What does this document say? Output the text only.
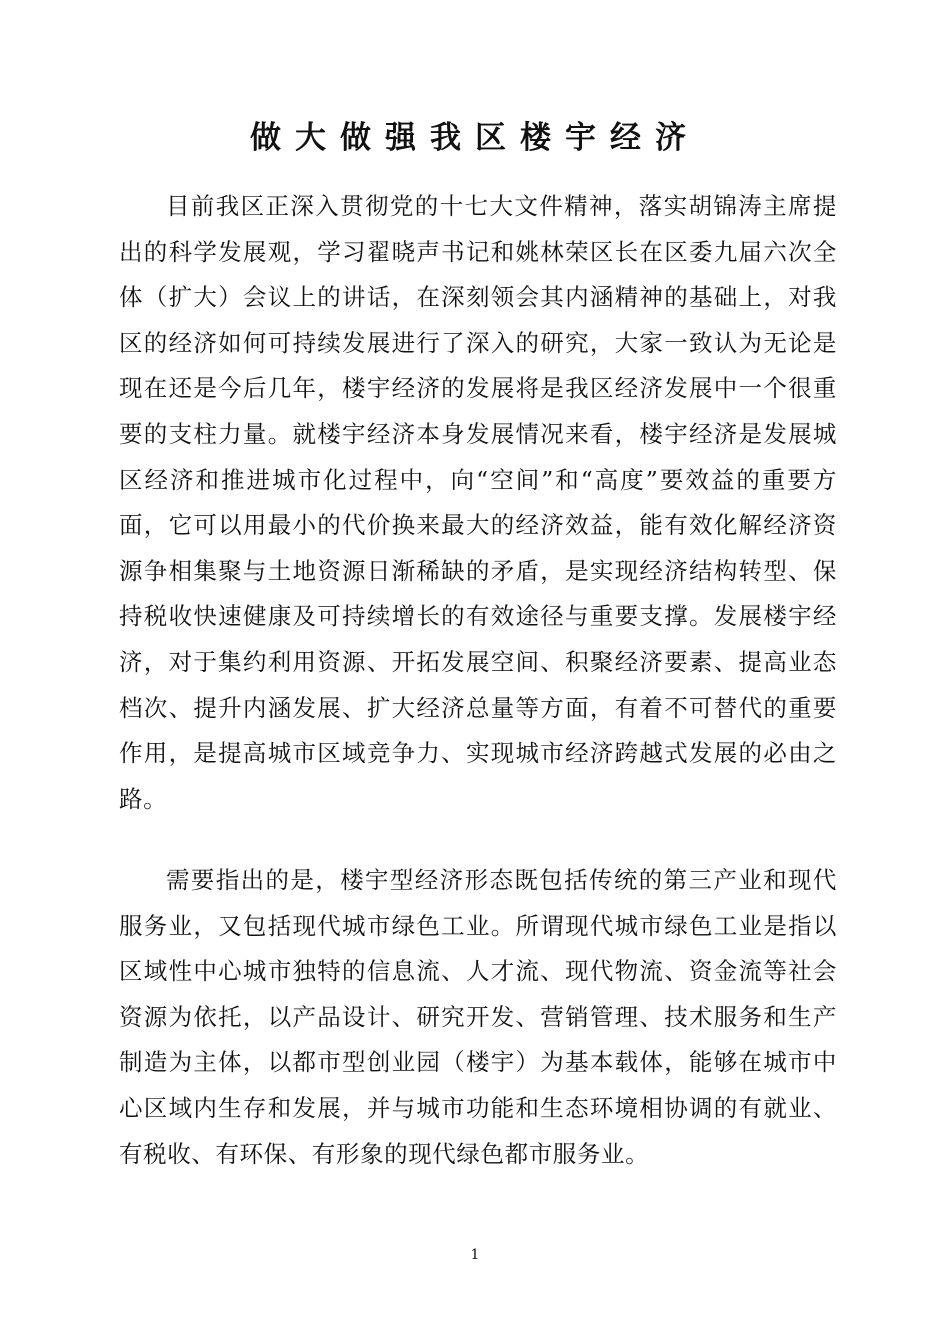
做大做强我区楼宇经济

目前我区正深入贯彻党的十七大文件精神，落实胡锦涛主席提出的科学发展观，学习翟晓声书记和姚林荣区长在区委九届六次全体（扩大）会议上的讲话，在深刻领会其内涵精神的基础上，对我区的经济如何可持续发展进行了深入的研究，大家一致认为无论是现在还是今后几年，楼宇经济的发展将是我区经济发展中一个很重要的支柱力量。就楼宇经济本身发展情况来看，楼宇经济是发展城区经济和推进城市化过程中，向“空间”和“高度”要效益的重要方面，它可以用最小的代价换来最大的经济效益，能有效化解经济资源争相集聚与土地资源日渐稀缺的矛盾，是实现经济结构转型、保持税收快速健康及可持续增长的有效途径与重要支撑。发展楼宇经济，对于集约利用资源、开拓发展空间、积聚经济要素、提高业态档次、提升内涵发展、扩大经济总量等方面，有着不可替代的重要作用，是提高城市区域竞争力、实现城市经济跨越式发展的必由之路。

需要指出的是，楼宇型经济形态既包括传统的第三产业和现代服务业，又包括现代城市绿色工业。所谓现代城市绿色工业是指以区域性中心城市独特的信息流、人才流、现代物流、资金流等社会资源为依托，以产品设计、研究开发、营销管理、技术服务和生产制造为主体，以都市型创业园（楼宇）为基本载体，能够在城市中心区域内生存和发展，并与城市功能和生态环境相协调的有就业、有税收、有环保、有形象的现代绿色都市服务业。

1
